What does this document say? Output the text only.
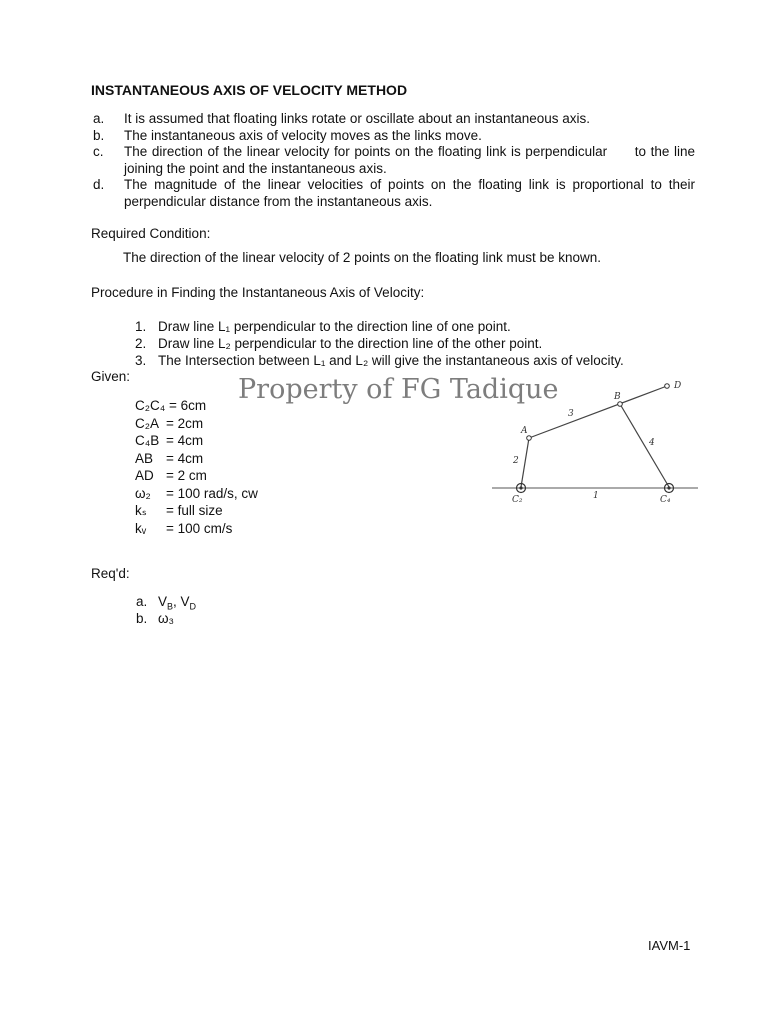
INSTANTANEOUS AXIS OF VELOCITY METHOD
a. It is assumed that floating links rotate or oscillate about an instantaneous axis.
b. The instantaneous axis of velocity moves as the links move.
c. The direction of the linear velocity for points on the floating link is perpendicular      to the line
joining the point and the instantaneous axis.
d. The magnitude of the linear velocities of points on the floating link is proportional to their
perpendicular distance from the instantaneous axis.
Required Condition:
The direction of the linear velocity of 2 points on the floating link must be known.
Procedure in Finding the Instantaneous Axis of Velocity:
1. Draw line L₁ perpendicular to the direction line of one point.
2. Draw line L₂ perpendicular to the direction line of the other point.
3. The Intersection between L₁ and L₂ will give the instantaneous axis of velocity.
Given:
C₂C₄ = 6cm
C₂A = 2cm
C₄B = 4cm
AB = 4cm
AD = 2 cm
ω₂ = 100 rad/s, cw
kₛ = full size
kᵥ = 100 cm/s
Property of FG Tadique
A
B
D
C₂	C₄
1
2
3
4
Req'd:
a. $V_B$, $V_D$
b. ω₃
IAVM-1
